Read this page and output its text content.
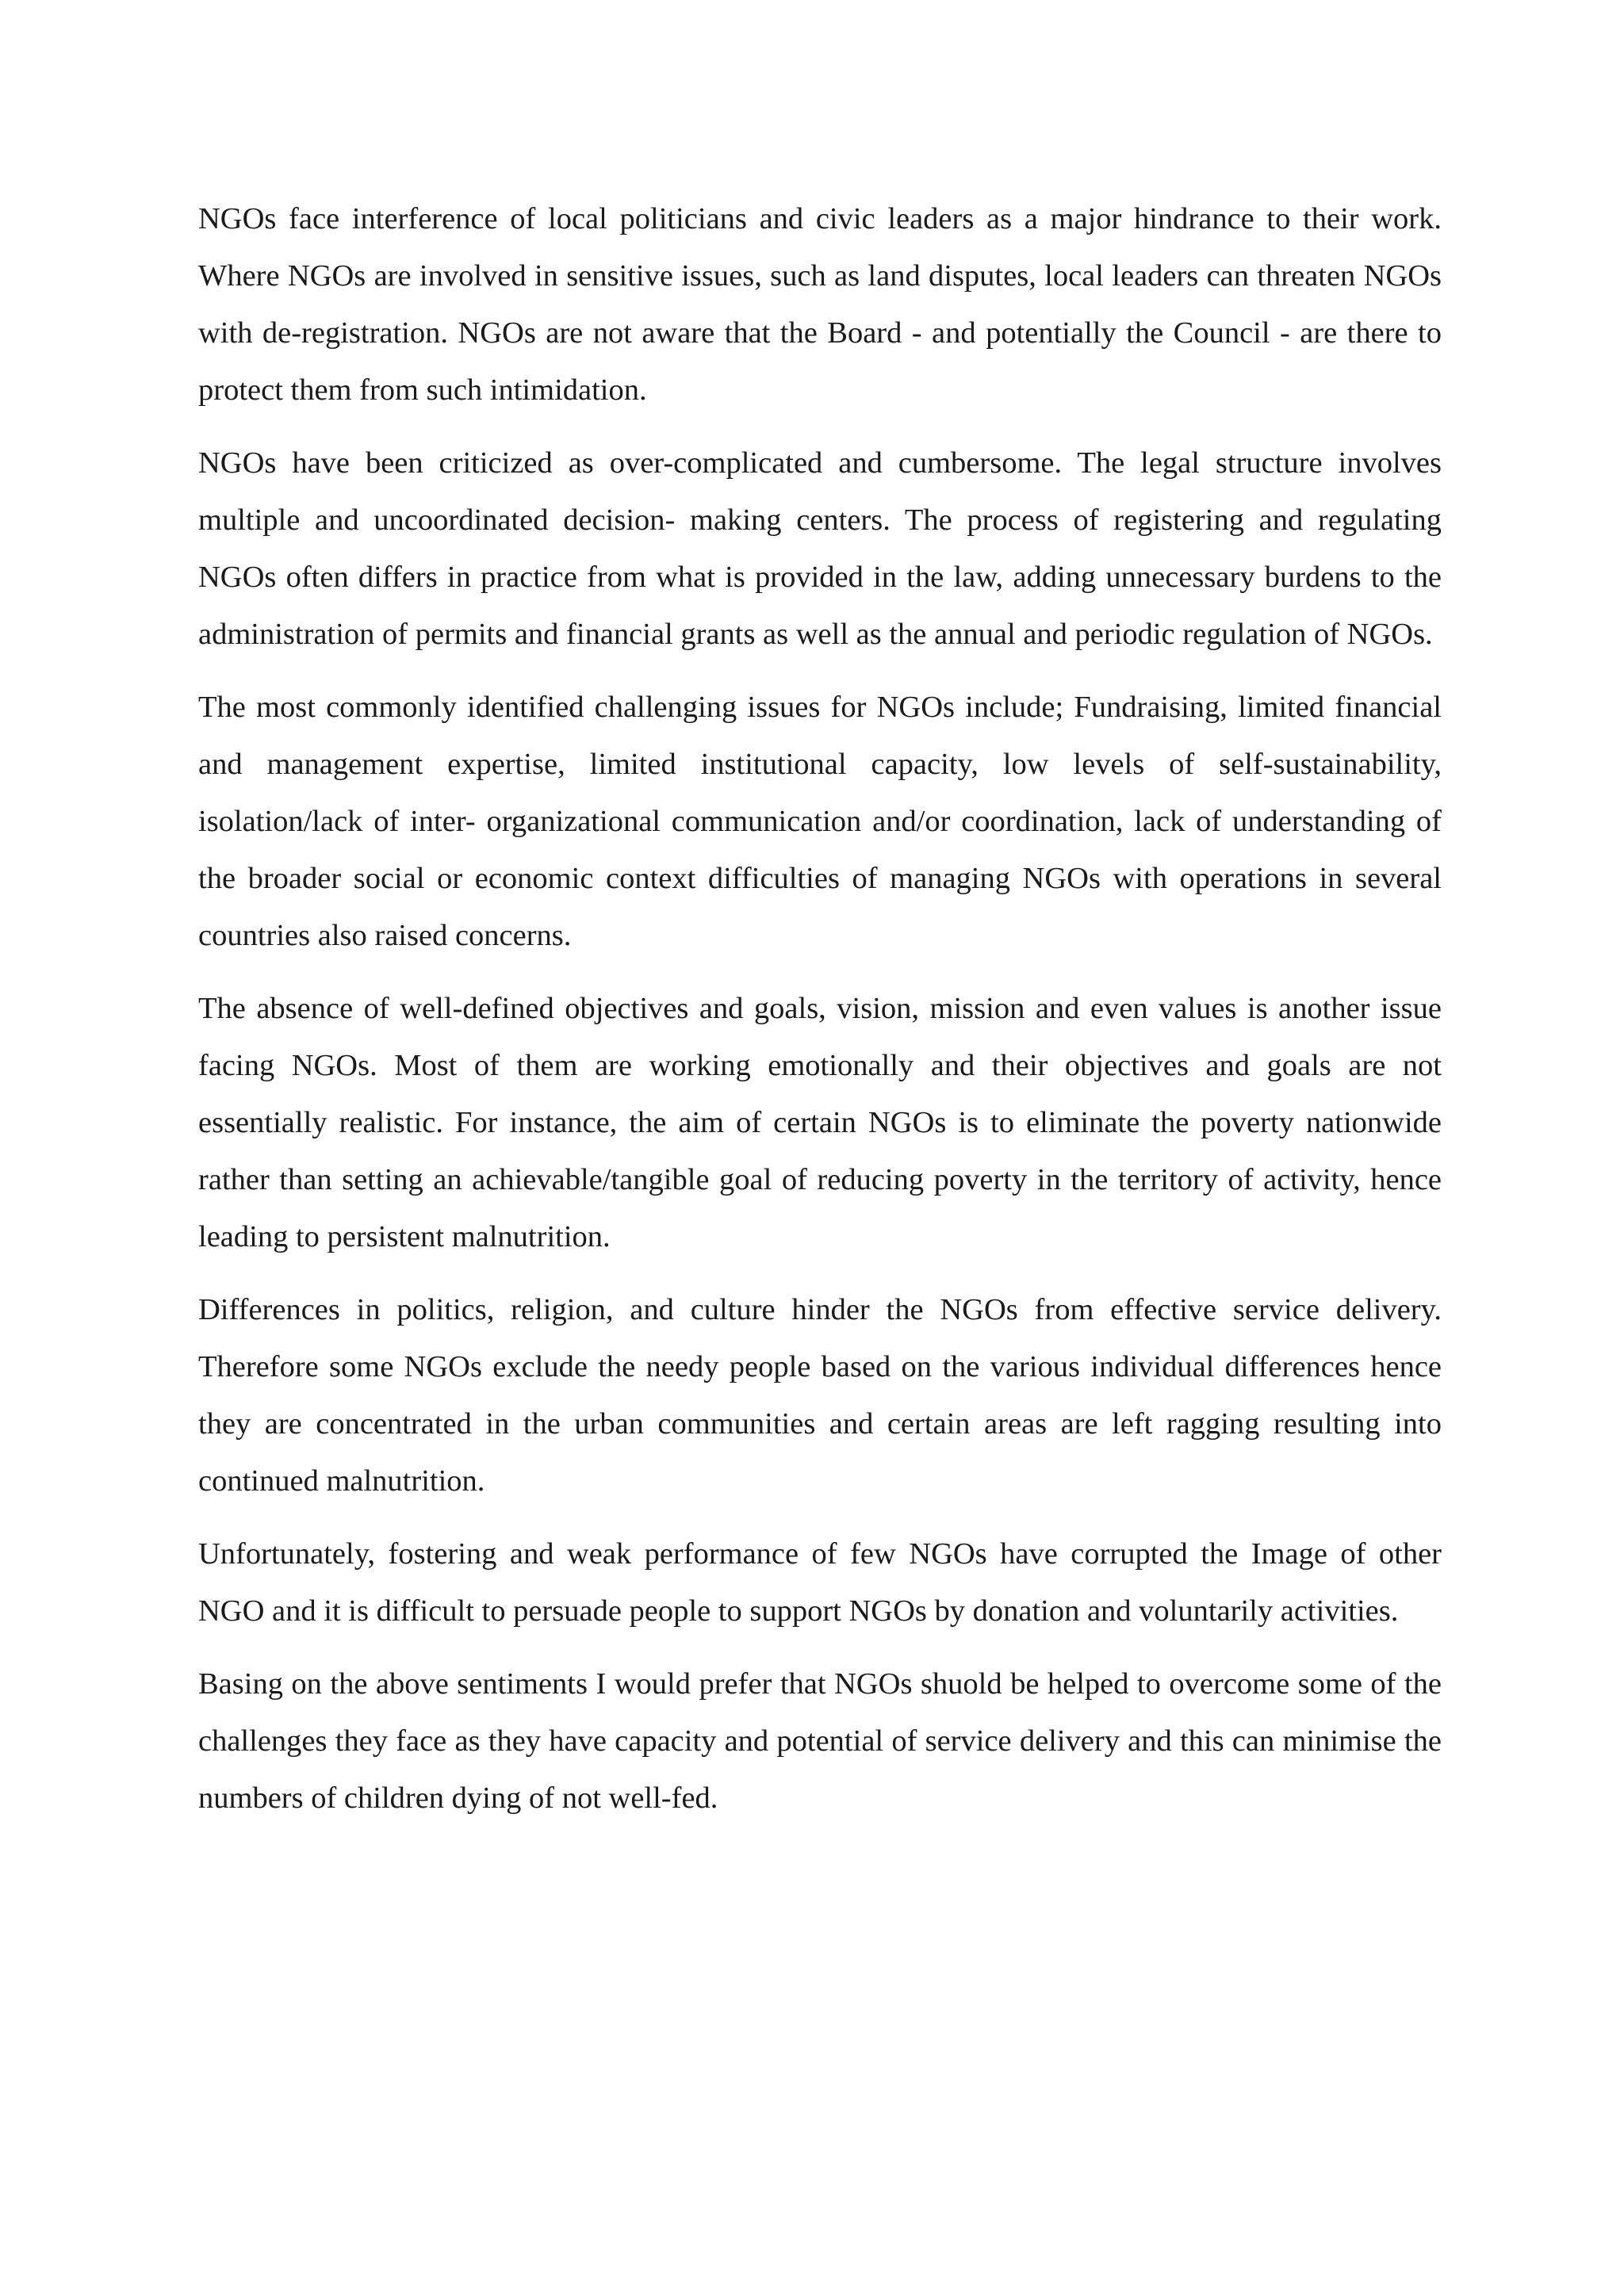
NGOs face interference of local politicians and civic leaders as a major hindrance to their work. Where NGOs are involved in sensitive issues, such as land disputes, local leaders can threaten NGOs with de-registration. NGOs are not aware that the Board - and potentially the Council - are there to protect them from such intimidation.

NGOs have been criticized as over-complicated and cumbersome. The legal structure involves multiple and uncoordinated decision- making centers. The process of registering and regulating NGOs often differs in practice from what is provided in the law, adding unnecessary burdens to the administration of permits and financial grants as well as the annual and periodic regulation of NGOs.

The most commonly identified challenging issues for NGOs include; Fundraising, limited financial and management expertise, limited institutional capacity, low levels of self-sustainability, isolation/lack of inter- organizational communication and/or coordination, lack of understanding of the broader social or economic context difficulties of managing NGOs with operations in several countries also raised concerns.

The absence of well-defined objectives and goals, vision, mission and even values is another issue facing NGOs. Most of them are working emotionally and their objectives and goals are not essentially realistic. For instance, the aim of certain NGOs is to eliminate the poverty nationwide rather than setting an achievable/tangible goal of reducing poverty in the territory of activity, hence leading to persistent malnutrition.

Differences in politics, religion, and culture hinder the NGOs from effective service delivery. Therefore some NGOs exclude the needy people based on the various individual differences hence they are concentrated in the urban communities and certain areas are left ragging resulting into continued malnutrition.

Unfortunately, fostering and weak performance of few NGOs have corrupted the Image of other NGO and it is difficult to persuade people to support NGOs by donation and voluntarily activities.

Basing on the above sentiments I would prefer that NGOs shuold be helped to overcome some of the challenges they face as they have capacity and potential of service delivery and this can minimise the numbers of children dying of not well-fed.
